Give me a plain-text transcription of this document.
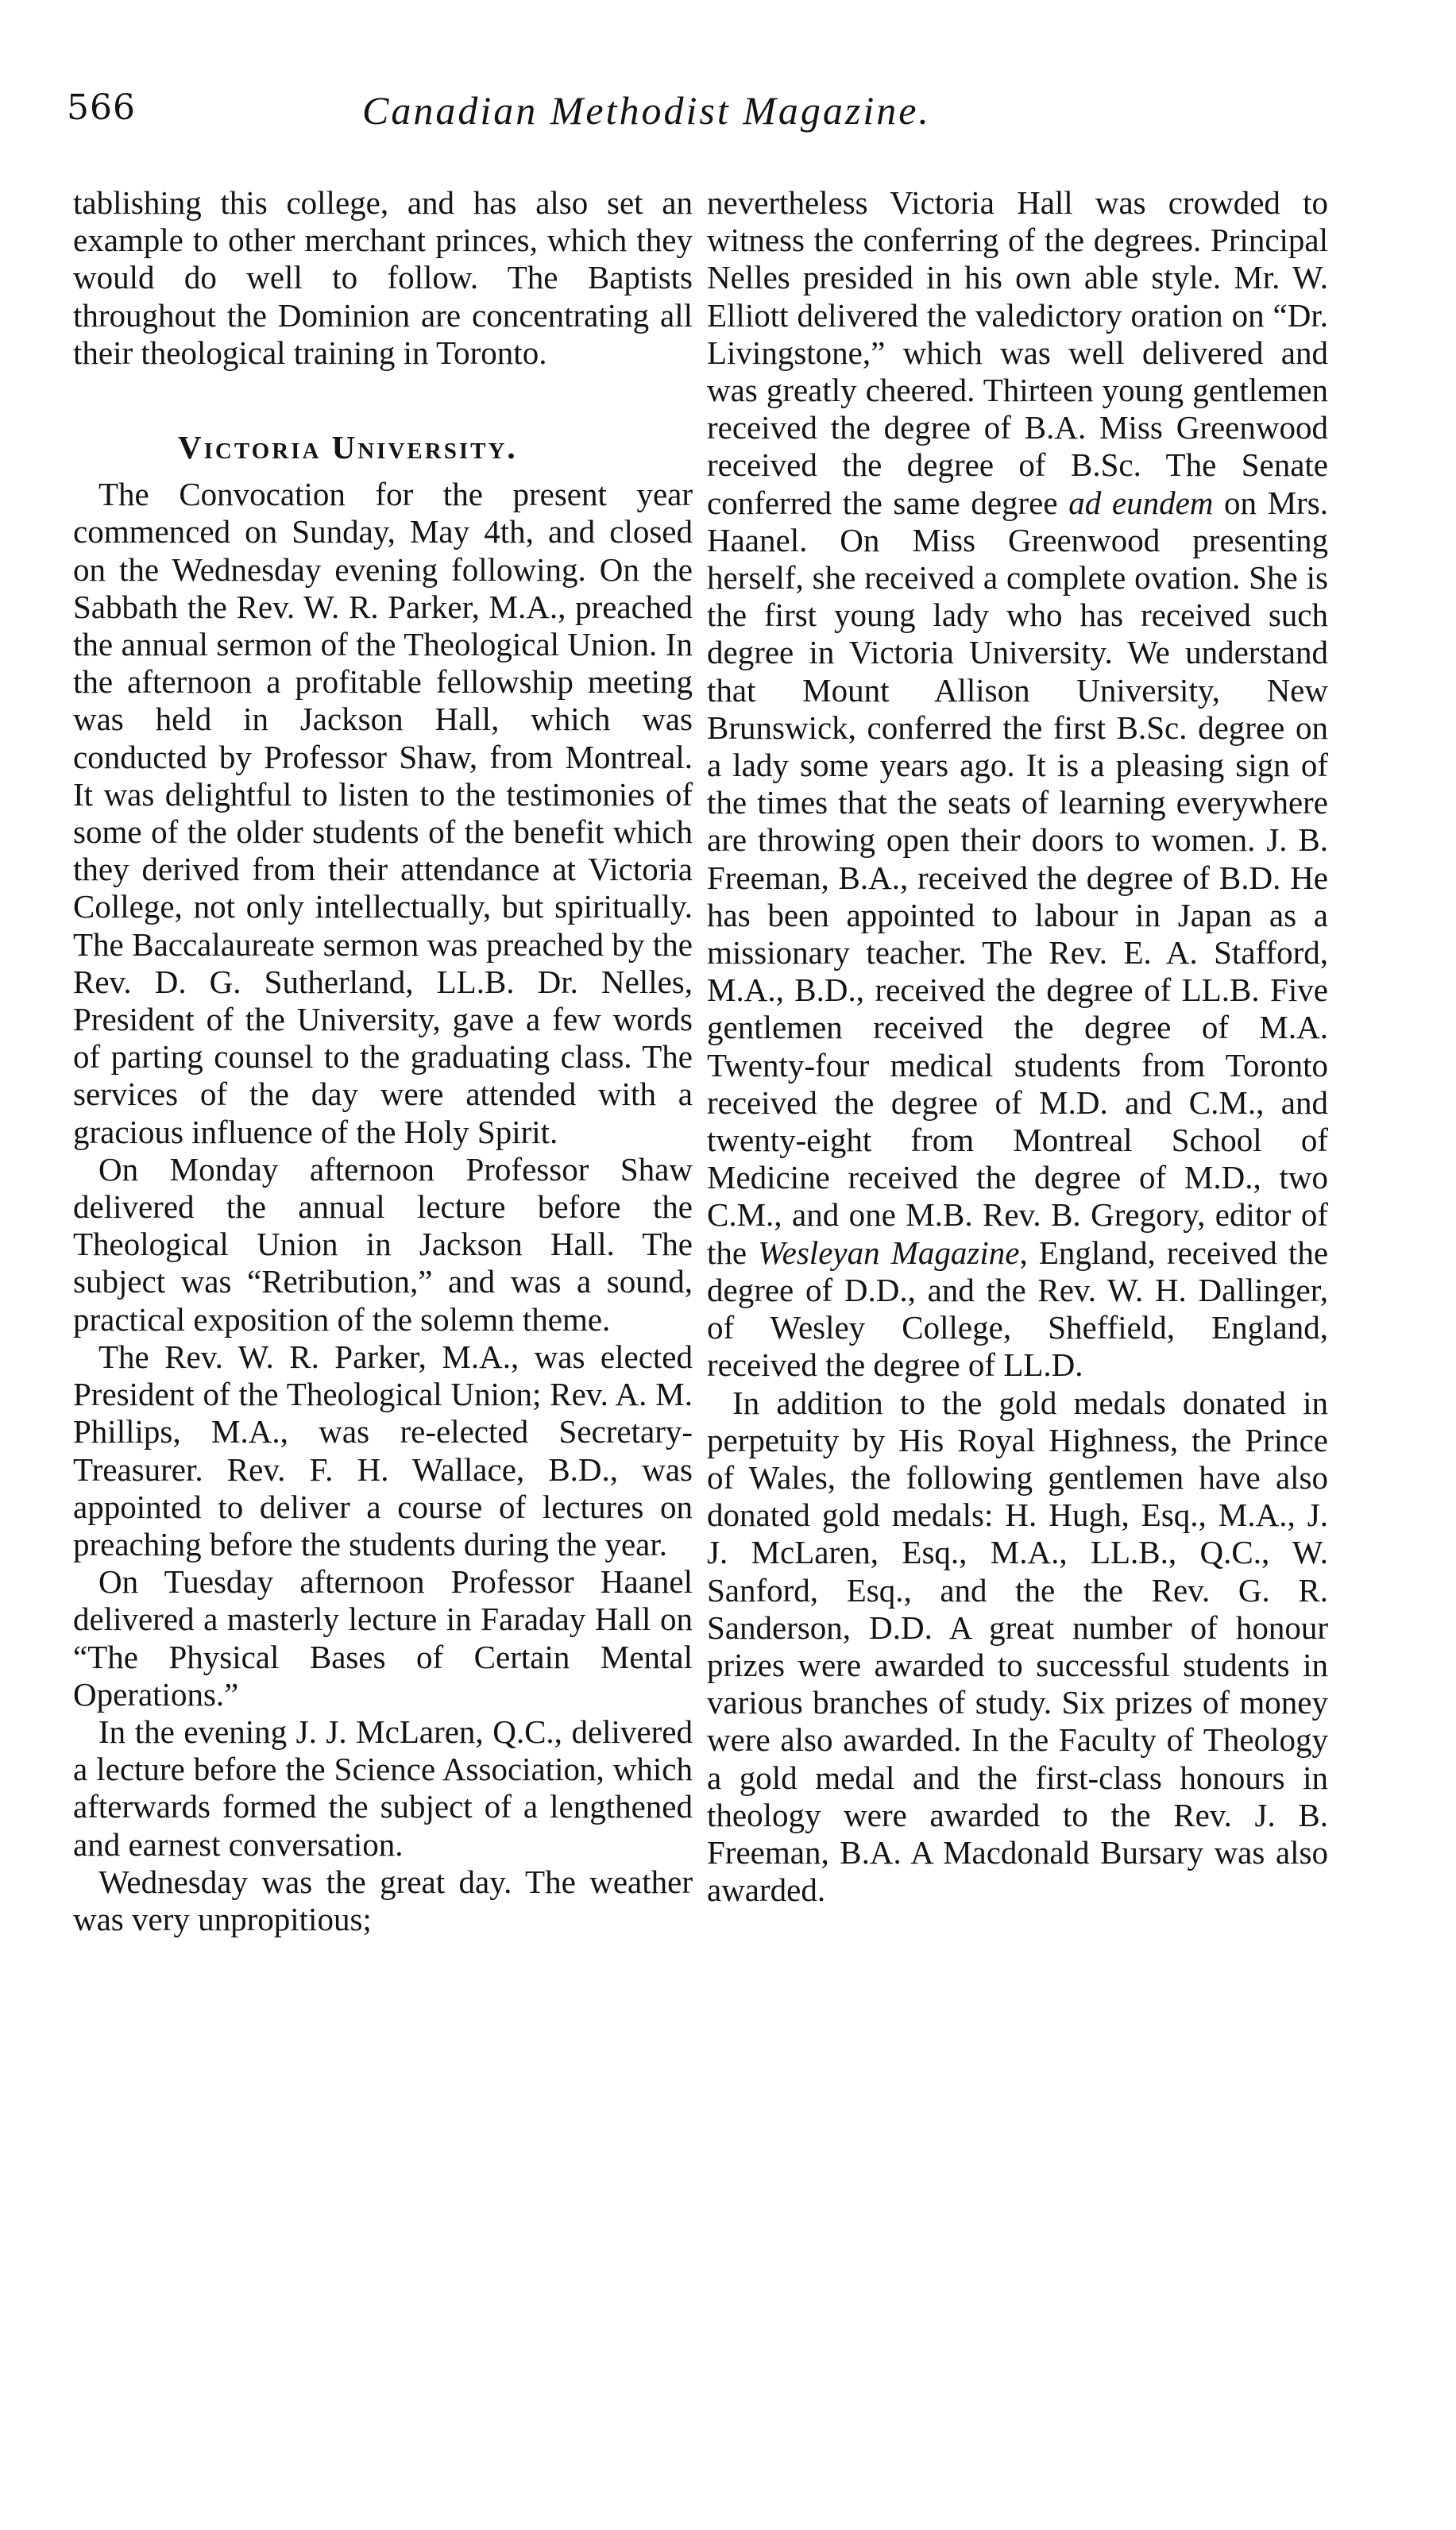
566	Canadian Methodist Magazine.

tablishing this college, and has also set an example to other merchant princes, which they would do well to follow. The Baptists throughout the Dominion are concentrating all their theological training in Toronto.

Victoria University.

The Convocation for the present year commenced on Sunday, May 4th, and closed on the Wednesday evening following. On the Sabbath the Rev. W. R. Parker, M.A., preached the annual sermon of the Theological Union. In the afternoon a profitable fellowship meeting was held in Jackson Hall, which was conducted by Professor Shaw, from Montreal. It was delightful to listen to the testimonies of some of the older students of the benefit which they derived from their attendance at Victoria College, not only intellectually, but spiritually. The Baccalaureate sermon was preached by the Rev. D. G. Sutherland, LL.B. Dr. Nelles, President of the University, gave a few words of parting counsel to the graduating class. The services of the day were attended with a gracious influence of the Holy Spirit.

On Monday afternoon Professor Shaw delivered the annual lecture before the Theological Union in Jackson Hall. The subject was “Retribution,” and was a sound, practical exposition of the solemn theme.

The Rev. W. R. Parker, M.A., was elected President of the Theological Union; Rev. A. M. Phillips, M.A., was re-elected Secretary-Treasurer. Rev. F. H. Wallace, B.D., was appointed to deliver a course of lectures on preaching before the students during the year.

On Tuesday afternoon Professor Haanel delivered a masterly lecture in Faraday Hall on “The Physical Bases of Certain Mental Operations.”

In the evening J. J. McLaren, Q.C., delivered a lecture before the Science Association, which afterwards formed the subject of a lengthened and earnest conversation.

Wednesday was the great day. The weather was very unpropitious;

nevertheless Victoria Hall was crowded to witness the conferring of the degrees. Principal Nelles presided in his own able style. Mr. W. Elliott delivered the valedictory oration on “Dr. Livingstone,” which was well delivered and was greatly cheered. Thirteen young gentlemen received the degree of B.A. Miss Greenwood received the degree of B.Sc. The Senate conferred the same degree ad eundem on Mrs. Haanel. On Miss Greenwood presenting herself, she received a complete ovation. She is the first young lady who has received such degree in Victoria University. We understand that Mount Allison University, New Brunswick, conferred the first B.Sc. degree on a lady some years ago. It is a pleasing sign of the times that the seats of learning everywhere are throwing open their doors to women. J. B. Freeman, B.A., received the degree of B.D. He has been appointed to labour in Japan as a missionary teacher. The Rev. E. A. Stafford, M.A., B.D., received the degree of LL.B. Five gentlemen received the degree of M.A. Twenty-four medical students from Toronto received the degree of M.D. and C.M., and twenty-eight from Montreal School of Medicine received the degree of M.D., two C.M., and one M.B. Rev. B. Gregory, editor of the Wesleyan Magazine, England, received the degree of D.D., and the Rev. W. H. Dallinger, of Wesley College, Sheffield, England, received the degree of LL.D.

In addition to the gold medals donated in perpetuity by His Royal Highness, the Prince of Wales, the following gentlemen have also donated gold medals: H. Hugh, Esq., M.A., J. J. McLaren, Esq., M.A., LL.B., Q.C., W. Sanford, Esq., and the the Rev. G. R. Sanderson, D.D. A great number of honour prizes were awarded to successful students in various branches of study. Six prizes of money were also awarded. In the Faculty of Theology a gold medal and the first-class honours in theology were awarded to the Rev. J. B. Freeman, B.A. A Macdonald Bursary was also awarded.
